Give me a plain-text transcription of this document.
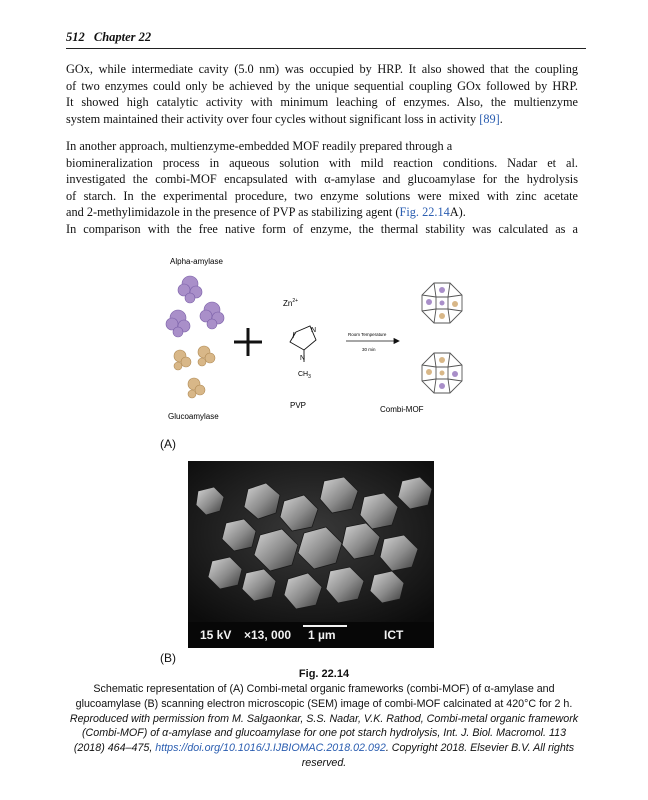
512 Chapter 22
GOx, while intermediate cavity (5.0 nm) was occupied by HRP. It also showed that the coupling
of two enzymes could only be achieved by the unique sequential coupling GOx followed by HRP.
It showed high catalytic activity with minimum leaching of enzymes. Also, the multienzyme
system maintained their activity over four cycles without significant loss in activity [89].
In another approach, multienzyme-embedded MOF readily prepared through a
biomineralization process in aqueous solution with mild reaction conditions. Nadar et al.
investigated the combi-MOF encapsulated with α-amylase and glucoamylase for the hydrolysis
of starch. In the experimental procedure, two enzyme solutions were mixed with zinc acetate
and 2-methylimidazole in the presence of PVP as stabilizing agent (Fig. 22.14A).
In comparison with the free native form of enzyme, the thermal stability was calculated as a
Alpha-amylase
Glucoamylase
$Zn^{2+}$
N
N
$CH_3$
PVP
Room Temperature
30 min
Combi-MOF
(A)
15 kV ×13, 000 1 µm	ICT
(B)
Fig. 22.14
Schematic representation of (A) Combi-metal organic frameworks (combi-MOF) of α-amylase and glucoamylase (B) scanning electron microscopic (SEM) image of combi-MOF calcinated at 420°C for 2 h. Reproduced with permission from M. Salgaonkar, S.S. Nadar, V.K. Rathod, Combi-metal organic framework (Combi-MOF) of α-amylase and glucoamylase for one pot starch hydrolysis, Int. J. Biol. Macromol. 113 (2018) 464–475, https://doi.org/10.1016/J.IJBIOMAC.2018.02.092. Copyright 2018. Elsevier B.V. All rights reserved.
